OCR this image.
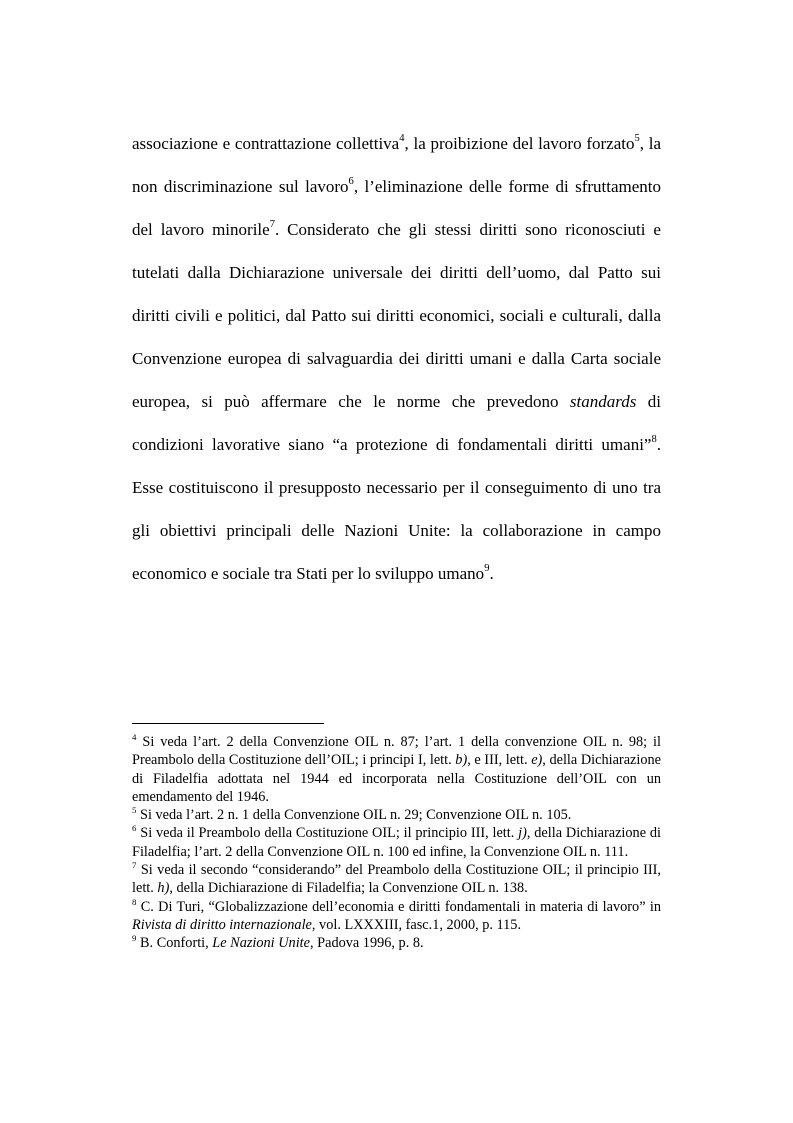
associazione e contrattazione collettiva$^4$, la proibizione del lavoro forzato$^5$, la non discriminazione sul lavoro$^6$, l’eliminazione delle forme di sfruttamento del lavoro minorile$^7$. Considerato che gli stessi diritti sono riconosciuti e tutelati dalla Dichiarazione universale dei diritti dell’uomo, dal Patto sui diritti civili e politici, dal Patto sui diritti economici, sociali e culturali, dalla Convenzione europea di salvaguardia dei diritti umani e dalla Carta sociale europea, si può affermare che le norme che prevedono standards di condizioni lavorative siano “a protezione di fondamentali diritti umani”$^8$. Esse costituiscono il presupposto necessario per il conseguimento di uno tra gli obiettivi principali delle Nazioni Unite: la collaborazione in campo economico e sociale tra Stati per lo sviluppo umano$^9$.

$^4$ Si veda l’art. 2 della Convenzione OIL n. 87; l’art. 1 della convenzione OIL n. 98; il Preambolo della Costituzione dell’OIL; i principi I, lett. b), e III, lett. e), della Dichiarazione di Filadelfia adottata nel 1944 ed incorporata nella Costituzione dell’OIL con un emendamento del 1946.

$^5$ Si veda l’art. 2 n. 1 della Convenzione OIL n. 29; Convenzione OIL n. 105.

$^6$ Si veda il Preambolo della Costituzione OIL; il principio III, lett. j), della Dichiarazione di Filadelfia; l’art. 2 della Convenzione OIL n. 100 ed infine, la Convenzione OIL n. 111.

$^7$ Si veda il secondo “considerando” del Preambolo della Costituzione OIL; il principio III, lett. h), della Dichiarazione di Filadelfia; la Convenzione OIL n. 138.

$^8$ C. Di Turi, “Globalizzazione dell’economia e diritti fondamentali in materia di lavoro” in Rivista di diritto internazionale, vol. LXXXIII, fasc.1, 2000, p. 115.

$^9$ B. Conforti, Le Nazioni Unite, Padova 1996, p. 8.
